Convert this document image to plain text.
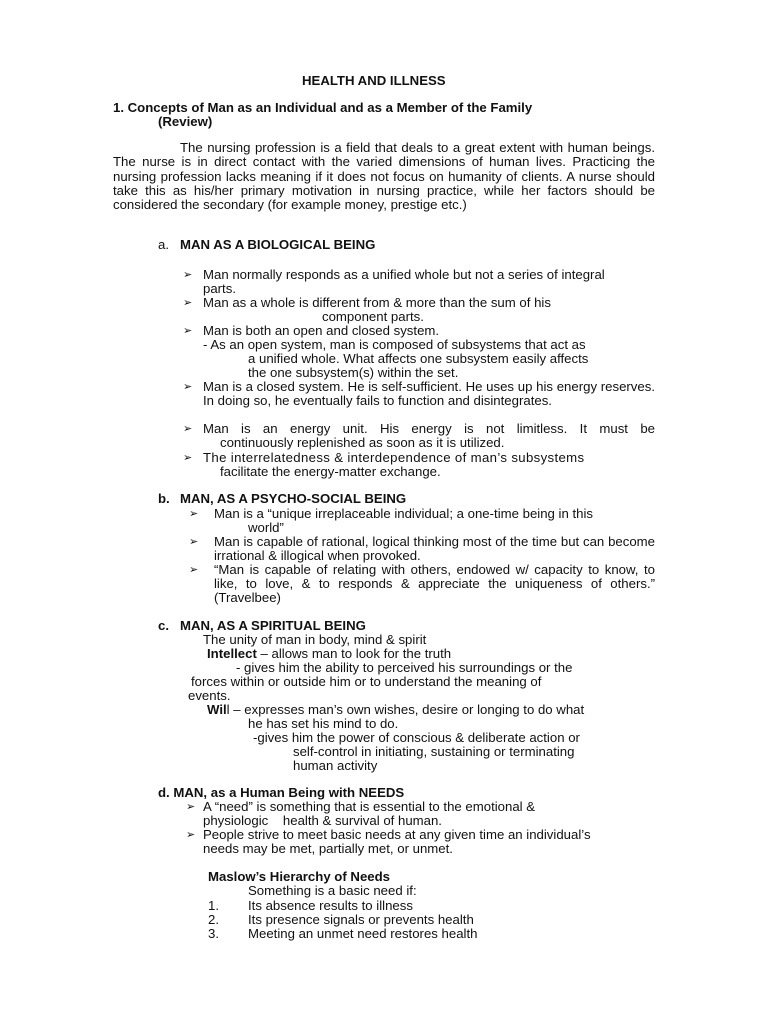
HEALTH AND ILLNESS
1. Concepts of Man as an Individual and as a Member of the Family
(Review)
The nursing profession is a field that deals to a great extent with human beings. The nurse is in direct contact with the varied dimensions of human lives. Practicing the nursing profession lacks meaning if it does not focus on humanity of clients. A nurse should take this as his/her primary motivation in nursing practice, while her factors should be considered the secondary (for example money, prestige etc.)
a. MAN AS A BIOLOGICAL BEING
➢ Man normally responds as a unified whole but not a series of integral
parts.
➢ Man as a whole is different from & more than the sum of his
component parts.
➢ Man is both an open and closed system.
- As an open system, man is composed of subsystems that act as
a unified whole. What affects one subsystem easily affects
the one subsystem(s) within the set.
➢ Man is a closed system. He is self-sufficient. He uses up his energy reserves. In doing so, he eventually fails to function and disintegrates.
➢ Man is an energy unit. His energy is not limitless. It must be
continuously replenished as soon as it is utilized.
➢ The interrelatedness & interdependence of man’s subsystems
facilitate the energy-matter exchange.
b. MAN, AS A PSYCHO-SOCIAL BEING
➢ Man is a “unique irreplaceable individual; a one-time being in this
world”
➢ Man is capable of rational, logical thinking most of the time but can become irrational & illogical when provoked.
➢ “Man is capable of relating with others, endowed w/ capacity to know, to like, to love, & to responds & appreciate the uniqueness of others.” (Travelbee)
c. MAN, AS A SPIRITUAL BEING
The unity of man in body, mind & spirit
Intellect – allows man to look for the truth
- gives him the ability to perceived his surroundings or the
forces within or outside him or to understand the meaning of
events.
Will – expresses man’s own wishes, desire or longing to do what
he has set his mind to do.
-gives him the power of conscious & deliberate action or
self-control in initiating, sustaining or terminating
human activity
d. MAN, as a Human Being with NEEDS
➢ A “need” is something that is essential to the emotional &
physiologic    health & survival of human.
➢ People strive to meet basic needs at any given time an individual’s
needs may be met, partially met, or unmet.
Maslow’s Hierarchy of Needs
Something is a basic need if:
1. Its absence results to illness
2. Its presence signals or prevents health
3. Meeting an unmet need restores health
